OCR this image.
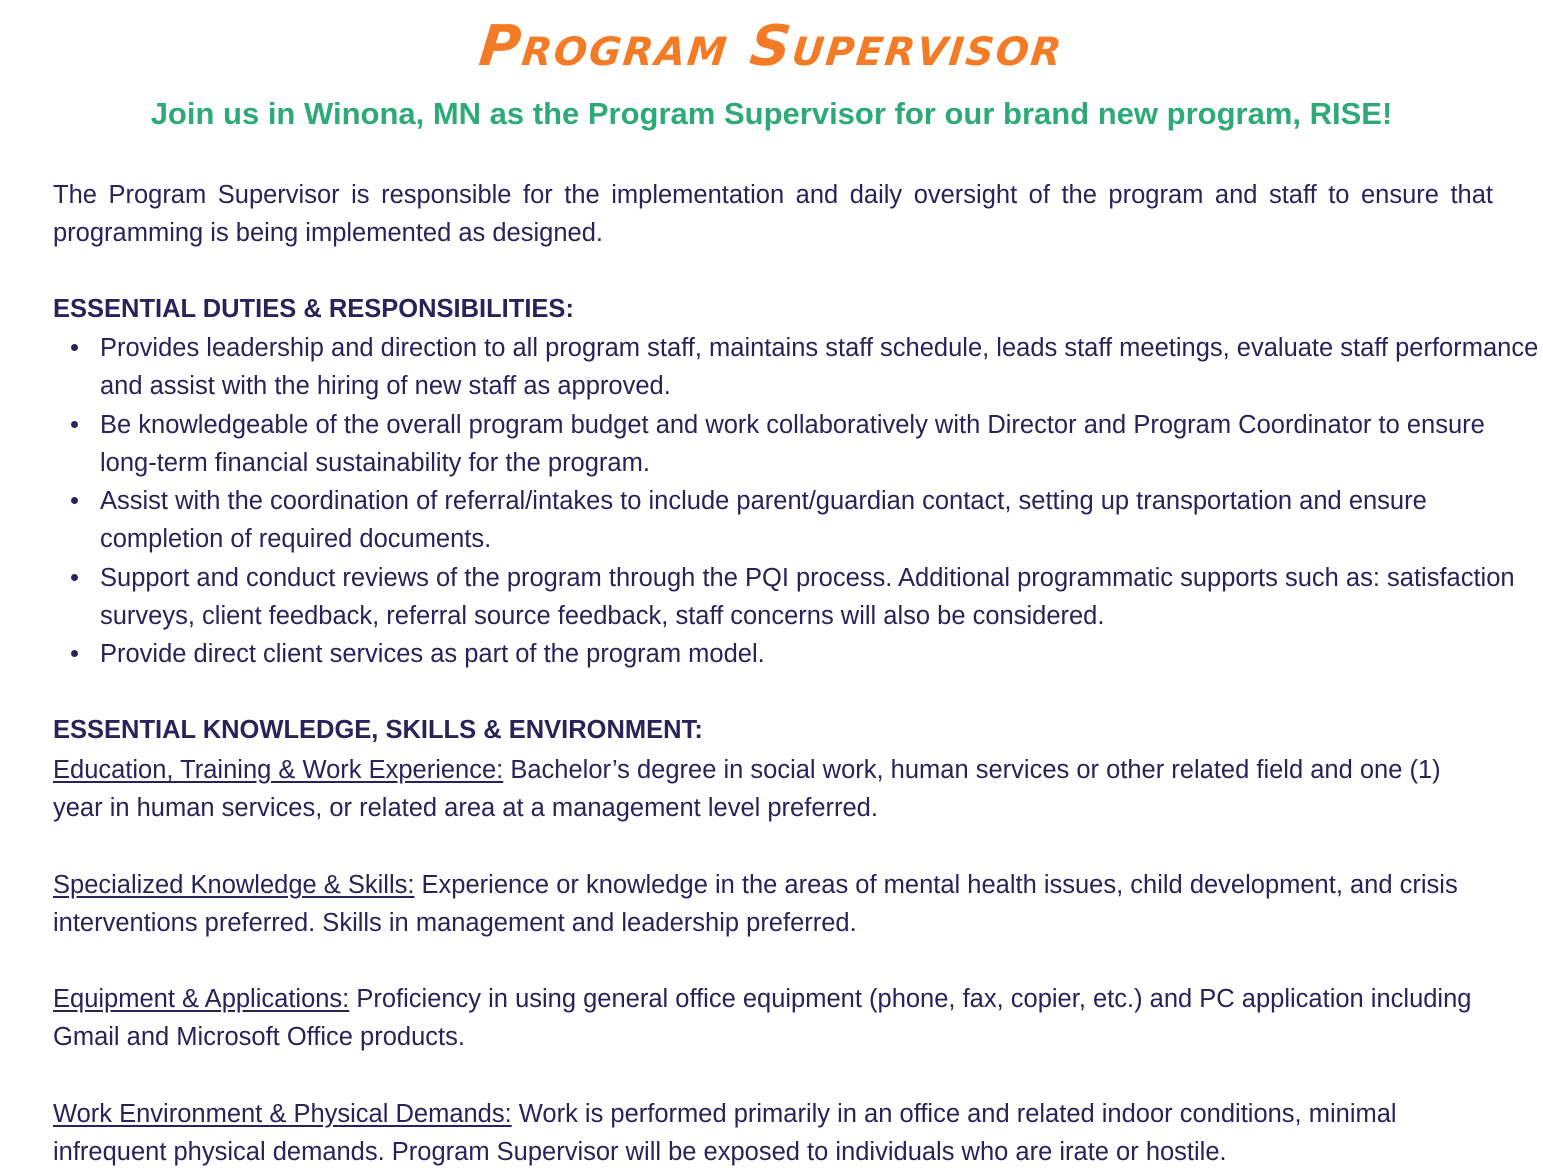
Program Supervisor
Join us in Winona, MN as the Program Supervisor for our brand new program, RISE!
The Program Supervisor is responsible for the implementation and daily oversight of the program and staff to ensure that programming is being implemented as designed.
ESSENTIAL DUTIES & RESPONSIBILITIES:
Provides leadership and direction to all program staff, maintains staff schedule, leads staff meetings, evaluate staff performance and assist with the hiring of new staff as approved.
Be knowledgeable of the overall program budget and work collaboratively with Director and Program Coordinator to ensure long-term financial sustainability for the program.
Assist with the coordination of referral/intakes to include parent/guardian contact, setting up transportation and ensure completion of required documents.
Support and conduct reviews of the program through the PQI process. Additional programmatic supports such as: satisfaction surveys, client feedback, referral source feedback, staff concerns will also be considered.
Provide direct client services as part of the program model.
ESSENTIAL KNOWLEDGE, SKILLS & ENVIRONMENT:
Education, Training & Work Experience: Bachelor’s degree in social work, human services or other related field and one (1) year in human services, or related area at a management level preferred.
Specialized Knowledge & Skills: Experience or knowledge in the areas of mental health issues, child development, and crisis interventions preferred. Skills in management and leadership preferred.
Equipment & Applications: Proficiency in using general office equipment (phone, fax, copier, etc.) and PC application including Gmail and Microsoft Office products.
Work Environment & Physical Demands: Work is performed primarily in an office and related indoor conditions, minimal infrequent physical demands. Program Supervisor will be exposed to individuals who are irate or hostile.
